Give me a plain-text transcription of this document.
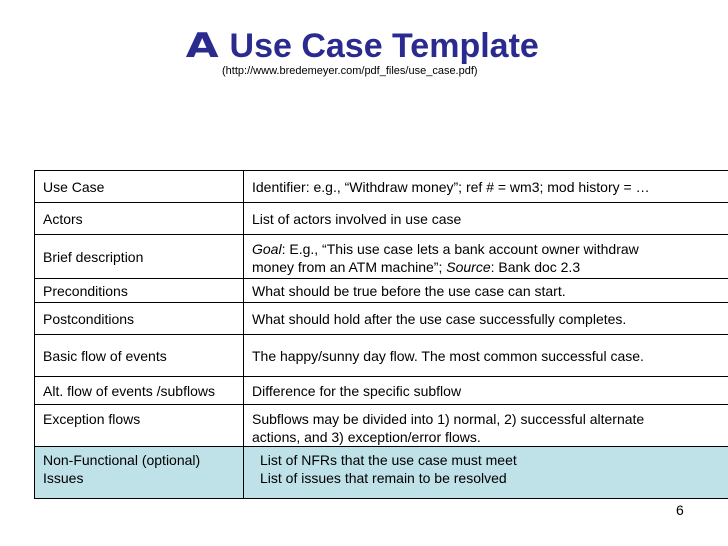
A Use Case Template
(http://www.bredemeyer.com/pdf_files/use_case.pdf)
Use Case	Identifier: e.g., “Withdraw money”; ref # = wm3; mod history = …
Actors	List of actors involved in use case
Brief description	Goal: E.g., “This use case lets a bank account owner withdraw
money from an ATM machine”; Source: Bank doc 2.3

Preconditions	What should be true before the use case can start.
Postconditions	What should hold after the use case successfully completes.
Basic flow of events	The happy/sunny day flow. The most common successful case.
Alt. flow of events /subflows	Difference for the specific subflow
Exception flows	Subflows may be divided into 1) normal, 2) successful alternate
actions, and 3) exception/error flows.

Non-Functional (optional)
Issues	List of NFRs that the use case must meet
List of issues that remain to be resolved
6
